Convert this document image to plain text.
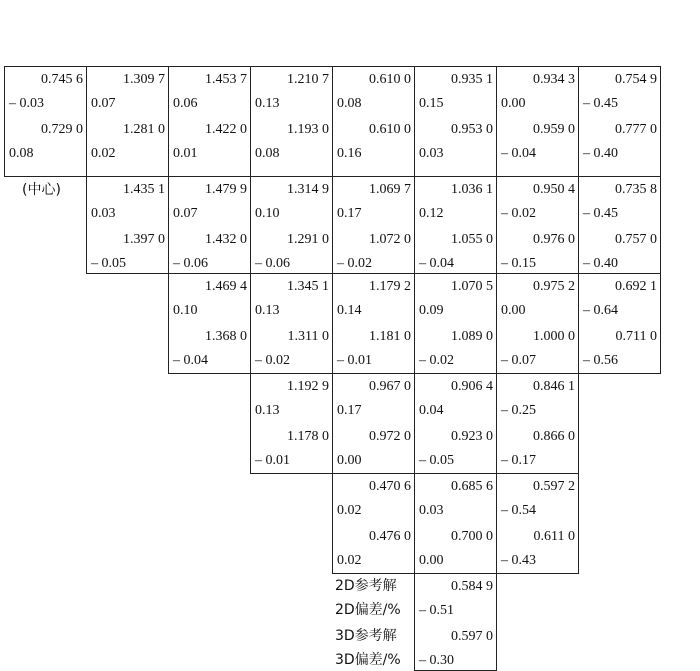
0.745 6
– 0.03
0.729 0
0.08
1.309 7
0.07
1.281 0
0.02
1.453 7
0.06
1.422 0
0.01
1.210 7
0.13
1.193 0
0.08
0.610 0
0.08
0.610 0
0.16
0.935 1
0.15
0.953 0
0.03
0.934 3
0.00
0.959 0
– 0.04
0.754 9
– 0.45
0.777 0
– 0.40
1.435 1
0.03
1.397 0
– 0.05
1.479 9
0.07
1.432 0
– 0.06
1.314 9
0.10
1.291 0
– 0.06
1.069 7
0.17
1.072 0
– 0.02
1.036 1
0.12
1.055 0
– 0.04
0.950 4
– 0.02
0.976 0
– 0.15
0.735 8
– 0.45
0.757 0
– 0.40
1.469 4
0.10
1.368 0
– 0.04
1.345 1
0.13
1.311 0
– 0.02
1.179 2
0.14
1.181 0
– 0.01
1.070 5
0.09
1.089 0
– 0.02
0.975 2
0.00
1.000 0
– 0.07
0.692 1
– 0.64
0.711 0
– 0.56
1.192 9
0.13
1.178 0
– 0.01
0.967 0
0.17
0.972 0
0.00
0.906 4
0.04
0.923 0
– 0.05
0.846 1
– 0.25
0.866 0
– 0.17
0.470 6
0.02
0.476 0
0.02
0.685 6
0.03
0.700 0
0.00
0.597 2
– 0.54
0.611 0
– 0.43
0.584 9
– 0.51
0.597 0
– 0.30
2D参考解
2D偏差/%
3D参考解
3D偏差/%
(中心)
